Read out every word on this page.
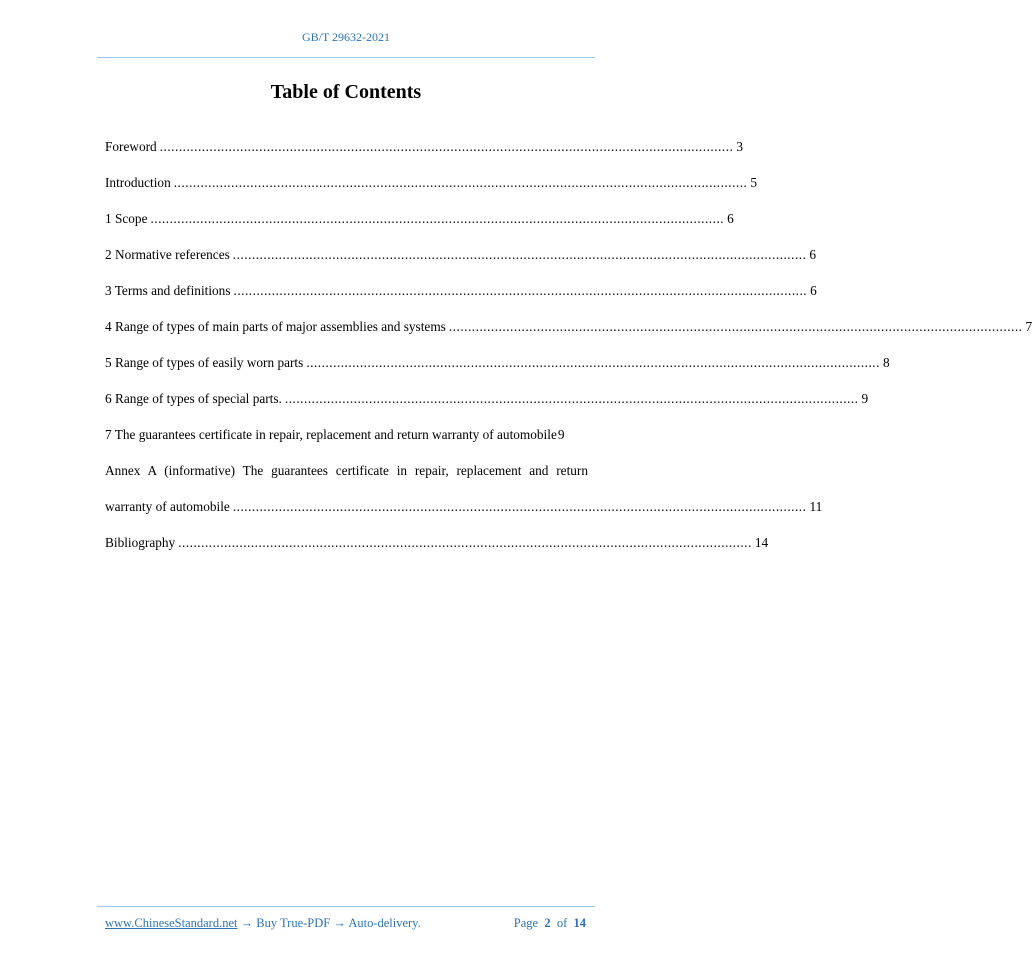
GB/T 29632-2021
Table of Contents
Foreword ...................................................................................................................................................... 3
Introduction ...................................................................................................................................................... 5
1 Scope ...................................................................................................................................................... 6
2 Normative references ...................................................................................................................................................... 6
3 Terms and definitions ...................................................................................................................................................... 6
4 Range of types of main parts of major assemblies and systems ...................................................................................................................................................... 7
5 Range of types of easily worn parts ...................................................................................................................................................... 8
6 Range of types of special parts. ...................................................................................................................................................... 9
7 The guarantees certificate in repair, replacement and return warranty of automobile 9
Annex A (informative) The guarantees certificate in repair, replacement and return
warranty of automobile ...................................................................................................................................................... 11
Bibliography ...................................................................................................................................................... 14
www.ChineseStandard.net → Buy True-PDF → Auto-delivery.	Page 2 of 14
